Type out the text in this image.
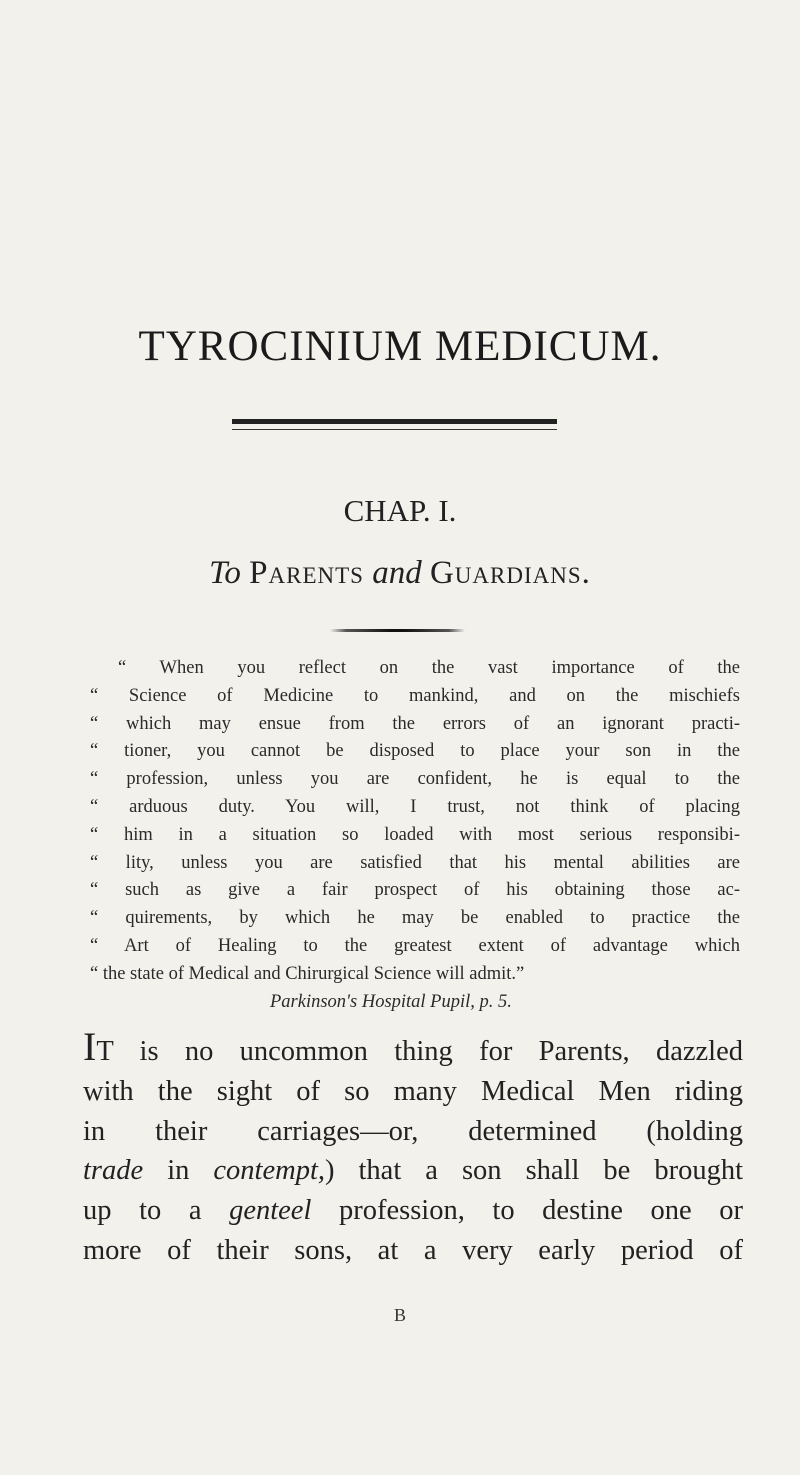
TYROCINIUM MEDICUM.
CHAP. I.
To Parents and Guardians.
“ When you reflect on the vast importance of the
“ Science of Medicine to mankind, and on the mischiefs
“ which may ensue from the errors of an ignorant practi-
“ tioner, you cannot be disposed to place your son in the
“ profession, unless you are confident, he is equal to the
“ arduous duty. You will, I trust, not think of placing
“ him in a situation so loaded with most serious responsibi-
“ lity, unless you are satisfied that his mental abilities are
“ such as give a fair prospect of his obtaining those ac-
“ quirements, by which he may be enabled to practice the
“ Art of Healing to the greatest extent of advantage which
“ the state of Medical and Chirurgical Science will admit.”
Parkinson's Hospital Pupil, p. 5.
IT is no uncommon thing for Parents, dazzled
with the sight of so many Medical Men riding
in their carriages—or, determined (holding
trade in contempt,) that a son shall be brought
up to a genteel profession, to destine one or
more of their sons, at a very early period of
B
